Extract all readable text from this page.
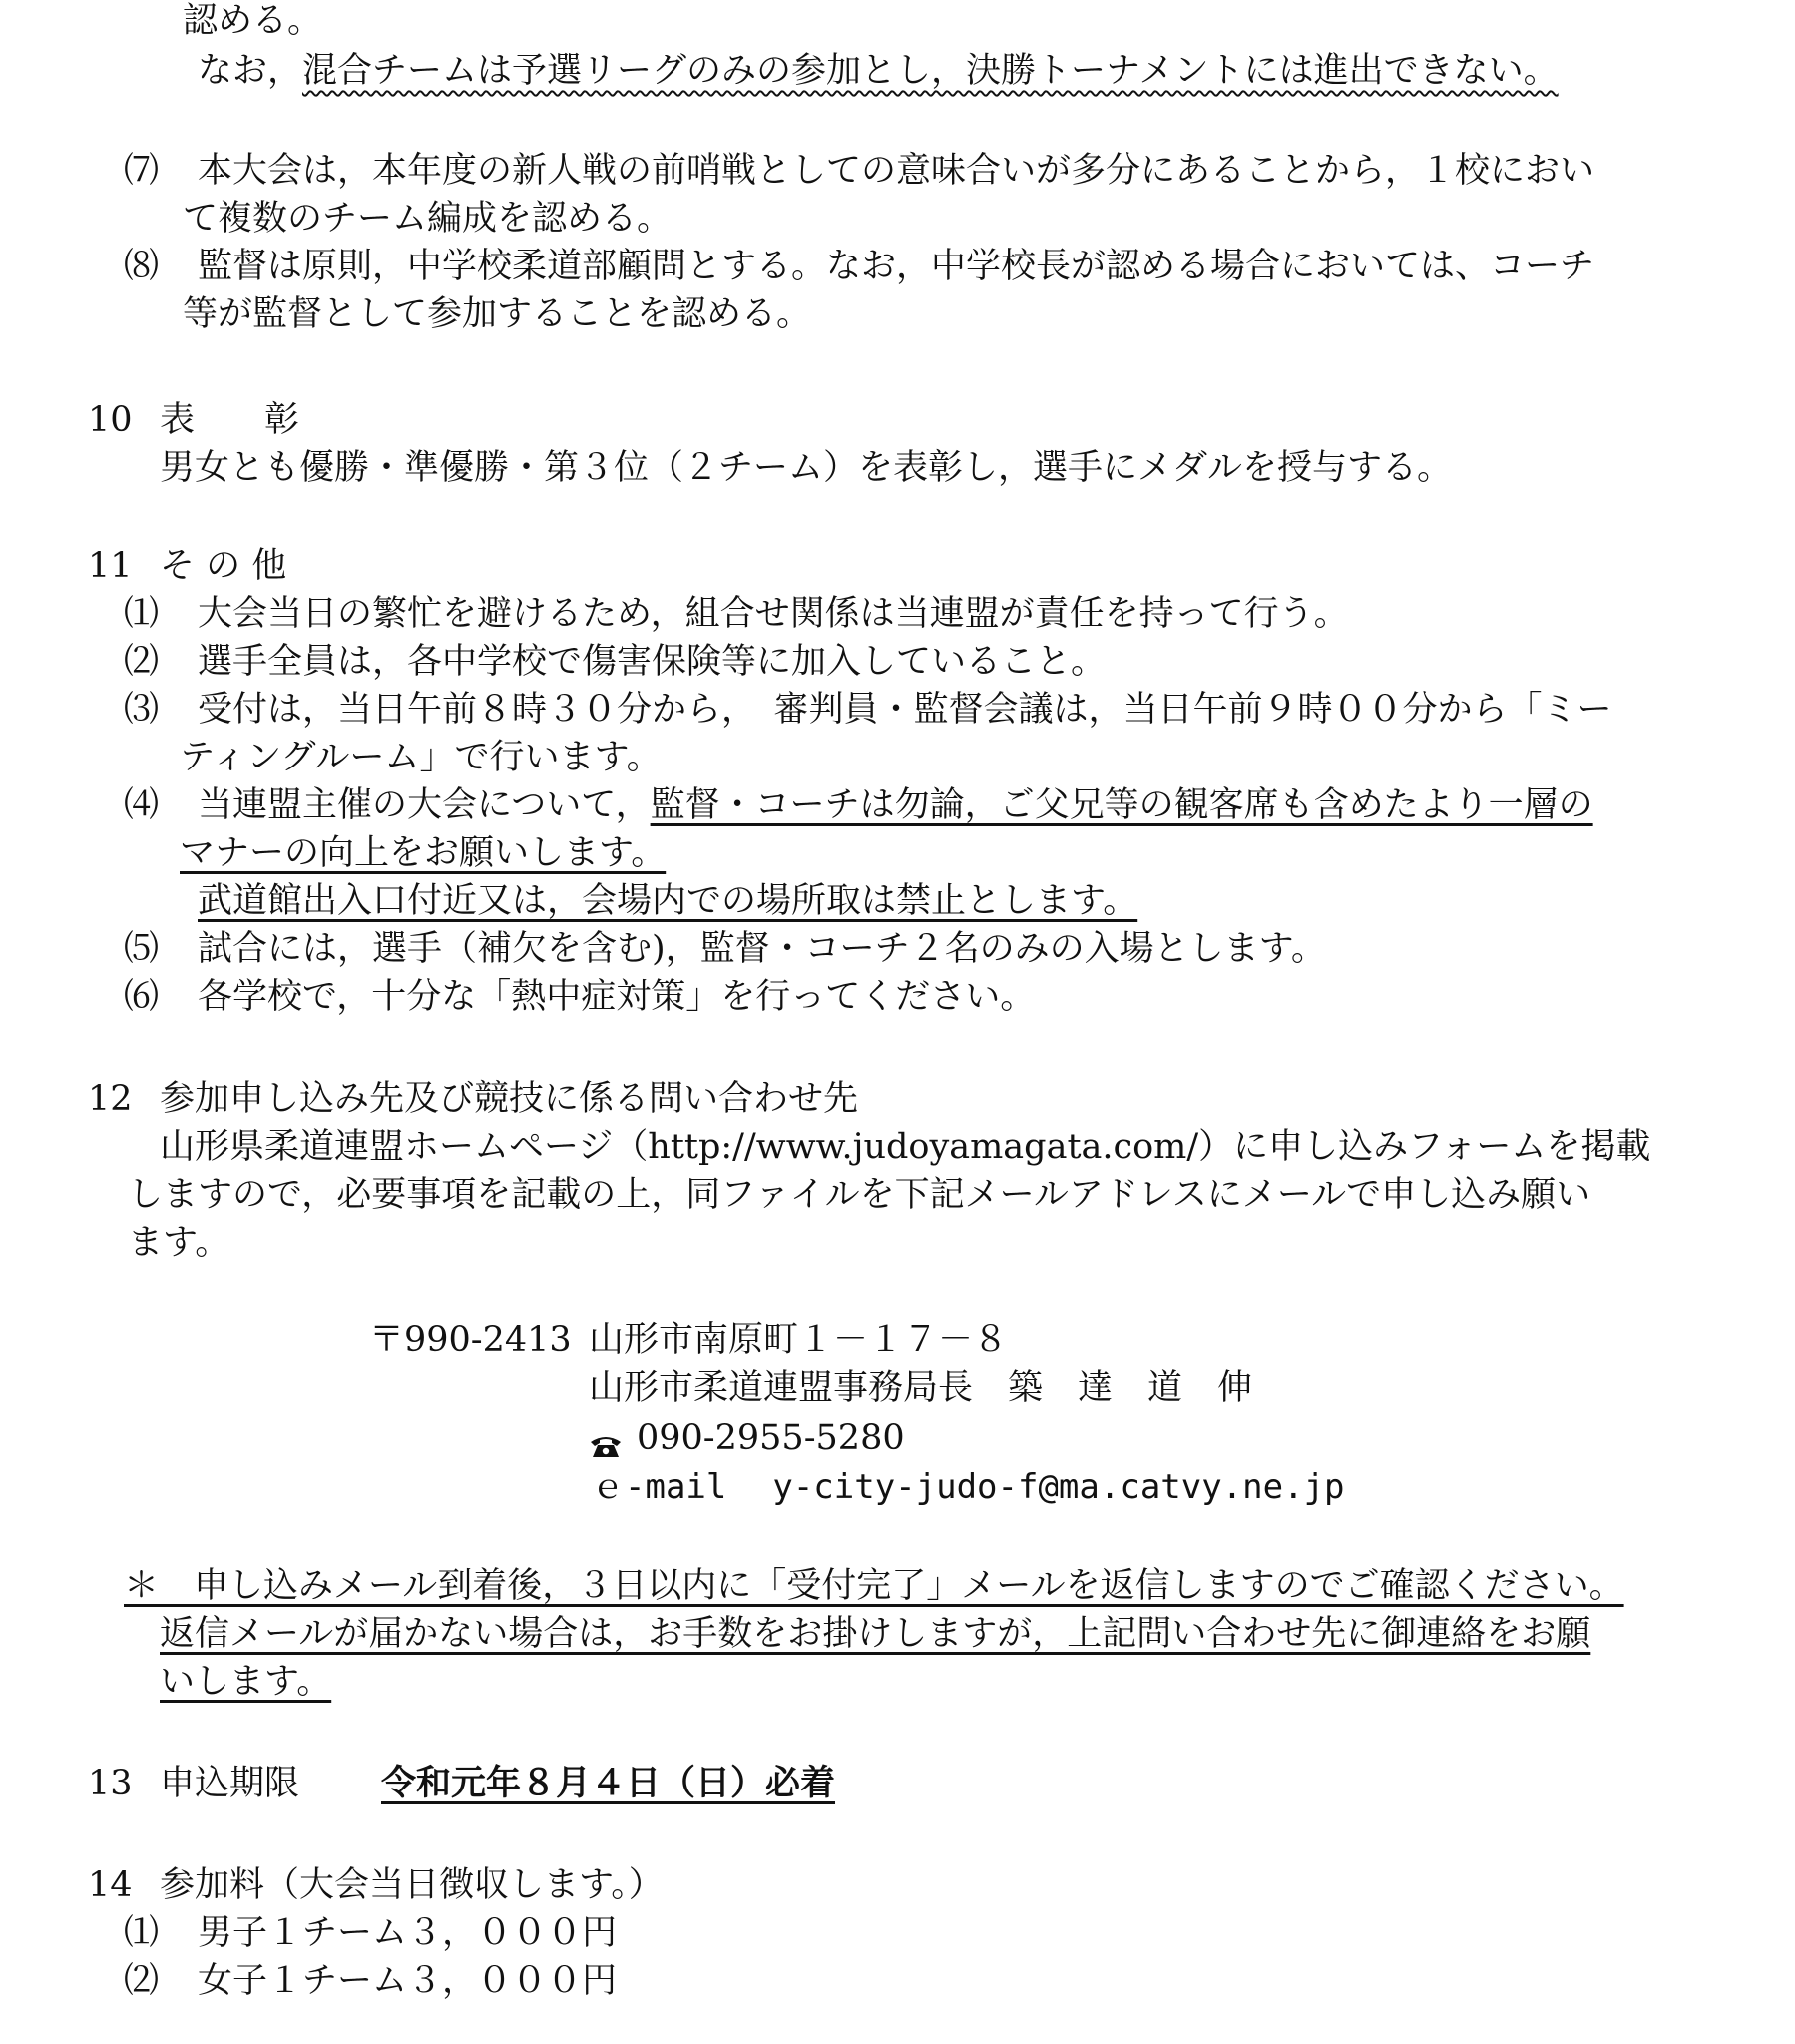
認める。
なお，混合チームは予選リーグのみの参加とし，決勝トーナメントには進出できない。
⑺ 本大会は，本年度の新人戦の前哨戦としての意味合いが多分にあることから，１校におい
て複数のチーム編成を認める。
⑻ 監督は原則，中学校柔道部顧問とする。なお，中学校長が認める場合においては、コーチ
等が監督として参加することを認める。
10 表　　彰
男女とも優勝・準優勝・第３位（２チーム）を表彰し，選手にメダルを授与する。
11 そ の 他
⑴ 大会当日の繁忙を避けるため，組合せ関係は当連盟が責任を持って行う。
⑵ 選手全員は，各中学校で傷害保険等に加入していること。
⑶ 受付は，当日午前８時３０分から，　審判員・監督会議は，当日午前９時００分から「ミー
ティングルーム」で行います。
⑷ 当連盟主催の大会について，監督・コーチは勿論，ご父兄等の観客席も含めたより一層の
マナーの向上をお願いします。
武道館出入口付近又は，会場内での場所取は禁止とします。
⑸ 試合には，選手（補欠を含む)，監督・コーチ２名のみの入場とします。
⑹ 各学校で，十分な「熱中症対策」を行ってください。
12 参加申し込み先及び競技に係る問い合わせ先
山形県柔道連盟ホームページ（http://www.judoyamagata.com/）に申し込みフォームを掲載
しますので，必要事項を記載の上，同ファイルを下記メールアドレスにメールで申し込み願い
ます。
〒990-2413 山形市南原町１－１７－８
山形市柔道連盟事務局長　築　達　道　伸
090-2955-5280
ｅ-mail y-city-judo-f@ma.catvy.ne.jp
＊　申し込みメール到着後，３日以内に「受付完了」メールを返信しますのでご確認ください。
返信メールが届かない場合は，お手数をお掛けしますが，上記問い合わせ先に御連絡をお願
いします。
13 申込期限 令和元年８月４日（日）必着
14 参加料（大会当日徴収します。）
⑴ 男子１チーム３，０００円
⑵ 女子１チーム３，０００円
